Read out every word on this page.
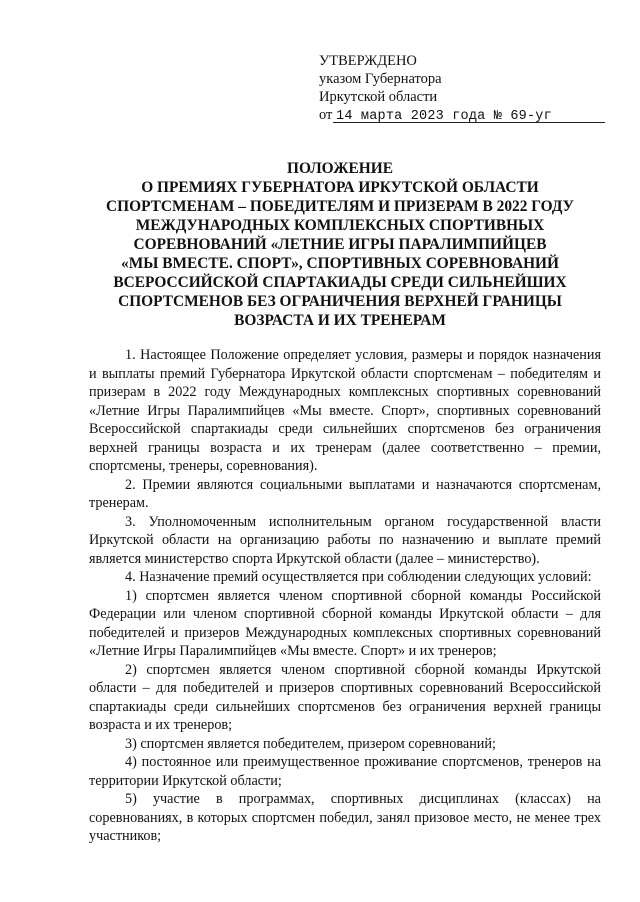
УТВЕРЖДЕНО
указом Губернатора
Иркутской области
от 14 марта 2023 года № 69-уг
ПОЛОЖЕНИЕ
О ПРЕМИЯХ ГУБЕРНАТОРА ИРКУТСКОЙ ОБЛАСТИ
СПОРТСМЕНАМ – ПОБЕДИТЕЛЯМ И ПРИЗЕРАМ В 2022 ГОДУ
МЕЖДУНАРОДНЫХ КОМПЛЕКСНЫХ СПОРТИВНЫХ
СОРЕВНОВАНИЙ «ЛЕТНИЕ ИГРЫ ПАРАЛИМПИЙЦЕВ
«МЫ ВМЕСТЕ. СПОРТ», СПОРТИВНЫХ СОРЕВНОВАНИЙ
ВСЕРОССИЙСКОЙ СПАРТАКИАДЫ СРЕДИ СИЛЬНЕЙШИХ
СПОРТСМЕНОВ БЕЗ ОГРАНИЧЕНИЯ ВЕРХНЕЙ ГРАНИЦЫ
ВОЗРАСТА И ИХ ТРЕНЕРАМ

1. Настоящее Положение определяет условия, размеры и порядок назначения и выплаты премий Губернатора Иркутской области спортсменам – победителям и призерам в 2022 году Международных комплексных спортивных соревнований «Летние Игры Паралимпийцев «Мы вместе. Спорт», спортивных соревнований Всероссийской спартакиады среди сильнейших спортсменов без ограничения верхней границы возраста и их тренерам (далее соответственно – премии, спортсмены, тренеры, соревнования).

2. Премии являются социальными выплатами и назначаются спортсменам, тренерам.

3. Уполномоченным исполнительным органом государственной власти Иркутской области на организацию работы по назначению и выплате премий является министерство спорта Иркутской области (далее – министерство).

4. Назначение премий осуществляется при соблюдении следующих условий:

1) спортсмен является членом спортивной сборной команды Российской Федерации или членом спортивной сборной команды Иркутской области – для победителей и призеров Международных комплексных спортивных соревнований «Летние Игры Паралимпийцев «Мы вместе. Спорт» и их тренеров;

2) спортсмен является членом спортивной сборной команды Иркутской области – для победителей и призеров спортивных соревнований Всероссийской спартакиады среди сильнейших спортсменов без ограничения верхней границы возраста и их тренеров;

3) спортсмен является победителем, призером соревнований;

4) постоянное или преимущественное проживание спортсменов, тренеров на территории Иркутской области;

5) участие в программах, спортивных дисциплинах (классах) на соревнованиях, в которых спортсмен победил, занял призовое место, не менее трех участников;
